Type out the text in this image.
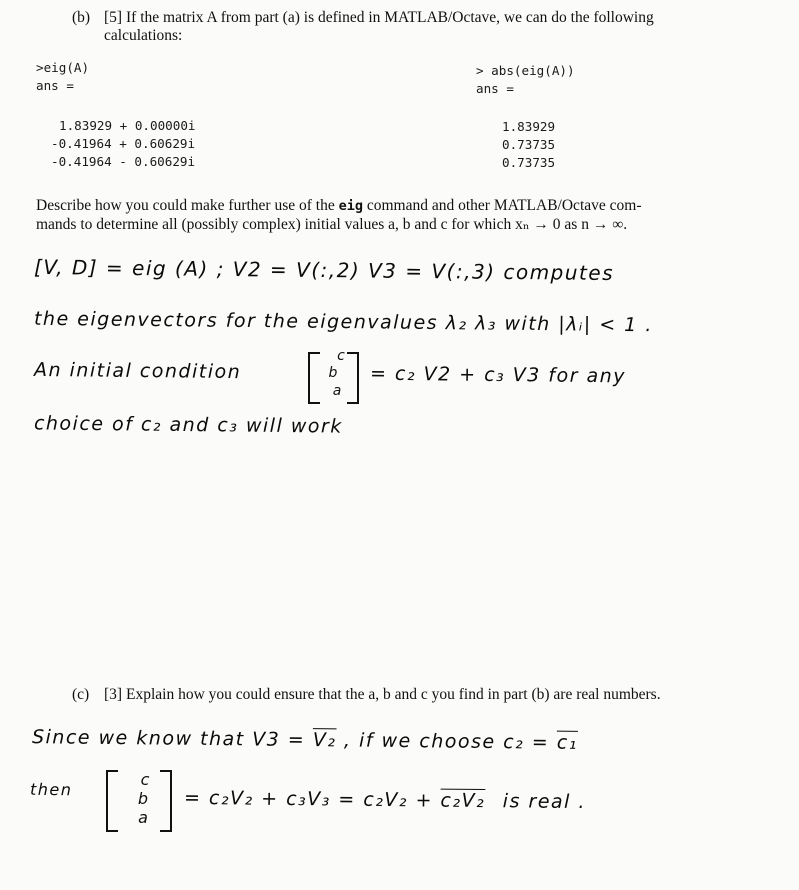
(b) [5] If the matrix A from part (a) is defined in MATLAB/Octave, we can do the following
calculations:
>eig(A)
ans =
1.83929 + 0.00000i
-0.41964 + 0.60629i
-0.41964 - 0.60629i
> abs(eig(A))
ans =
1.83929
0.73735
0.73735
Describe how you could make further use of the eig command and other MATLAB/Octave com-
mands to determine all (possibly complex) initial values a, b and c for which xₙ → 0 as n → ∞.
[V, D] = eig (A) ; V2 = V(:,2) V3 = V(:,3) computes
the eigenvectors for the eigenvalues λ₂ λ₃ with |λᵢ| < 1 .
An initial condition
c
b
a
= c₂ V2 + c₃ V3 for any
choice of c₂ and c₃ will work
(c) [3] Explain how you could ensure that the a, b and c you find in part (b) are real numbers.
Since we know that V3 = V₂ , if we choose c₂ = c₁
then
c
b
a
= c₂V₂ + c₃V₃ = c₂V₂ + c₂V₂ is real .
